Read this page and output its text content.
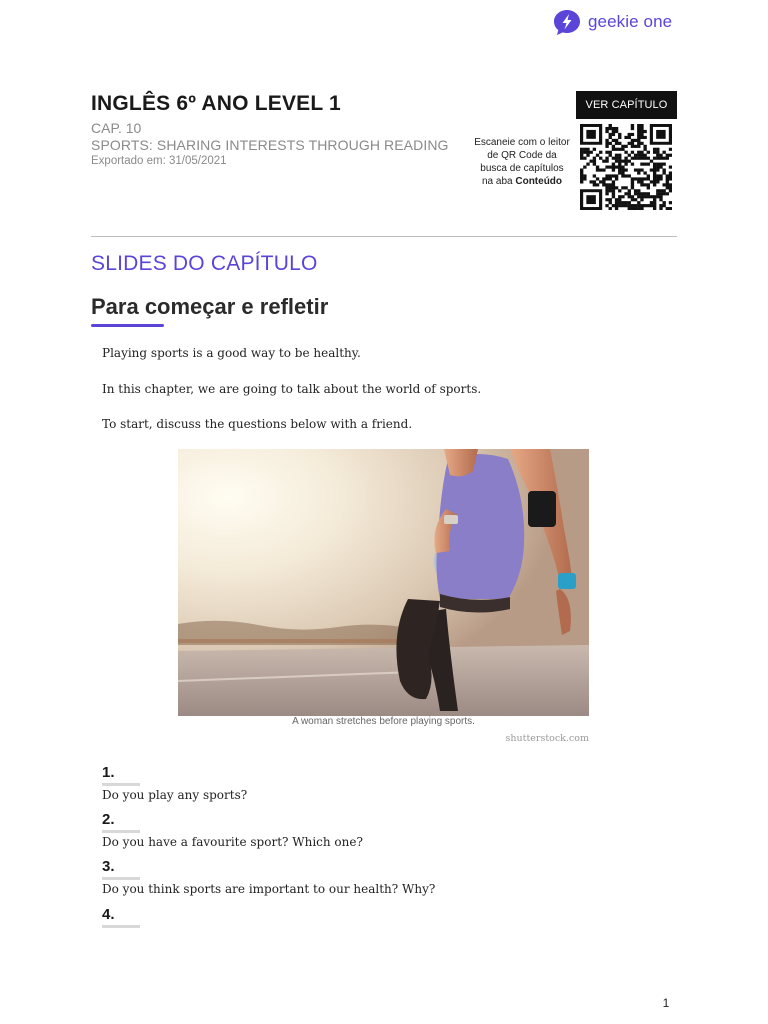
geekie one
INGLÊS 6º ANO LEVEL 1
CAP. 10
SPORTS: SHARING INTERESTS THROUGH READING
Exportado em: 31/05/2021
Escaneie com o leitor de QR Code da busca de capítulos na aba Conteúdo
VER CAPÍTULO
SLIDES DO CAPÍTULO
Para começar e refletir
Playing sports is a good way to be healthy.
In this chapter, we are going to talk about the world of sports.
To start, discuss the questions below with a friend.
A woman stretches before playing sports.
shutterstock.com
1.
Do you play any sports?
2.
Do you have a favourite sport? Which one?
3.
Do you think sports are important to our health? Why?
4.
1
